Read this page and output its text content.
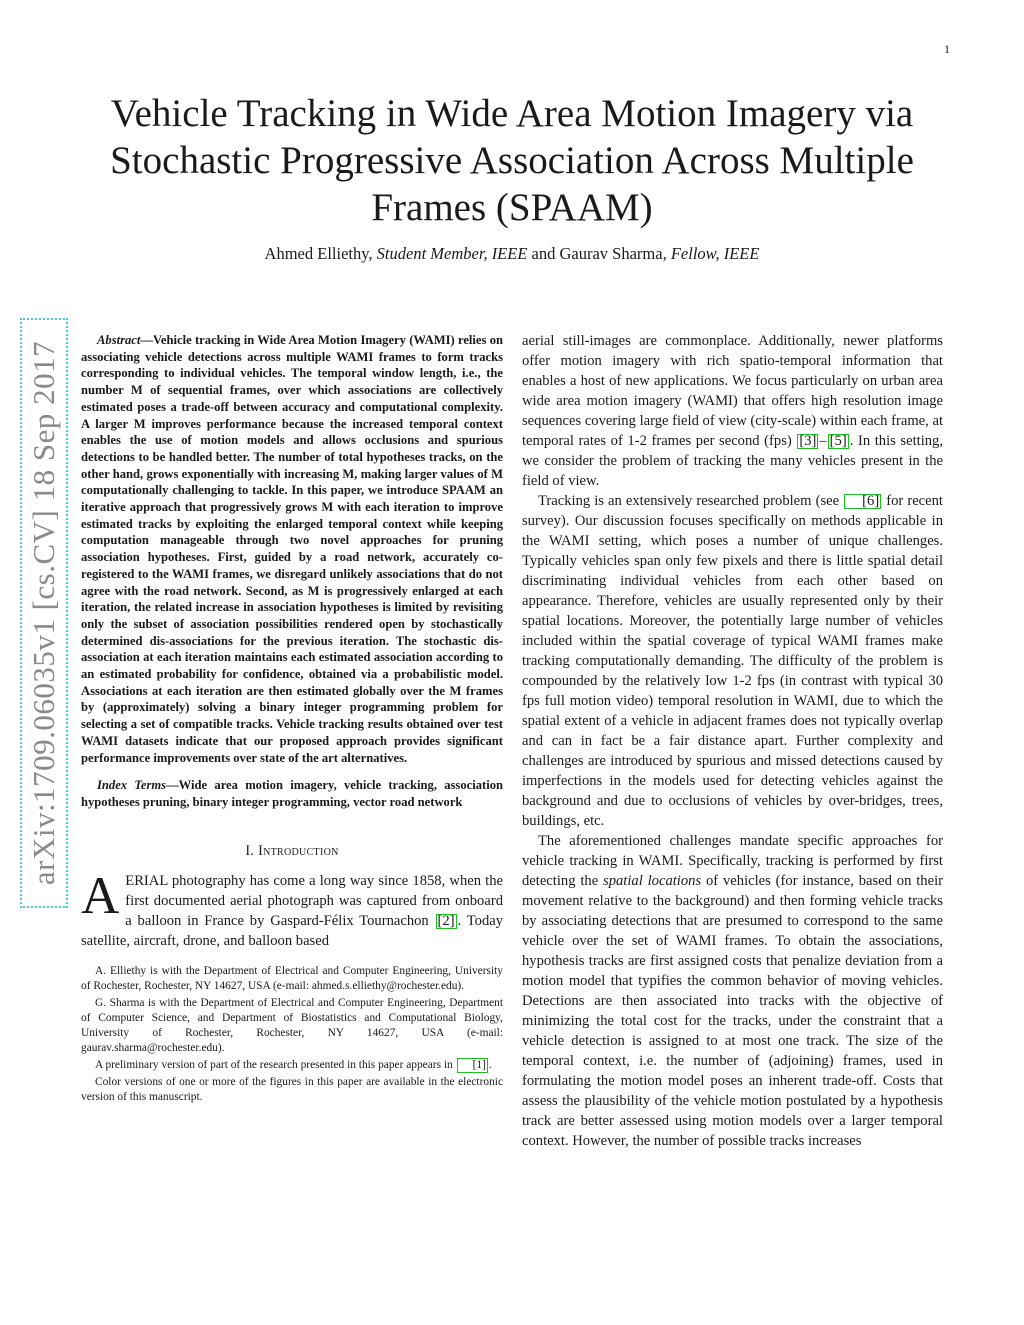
1
arXiv:1709.06035v1 [cs.CV] 18 Sep 2017
Vehicle Tracking in Wide Area Motion Imagery via Stochastic Progressive Association Across Multiple Frames (SPAAM)
Ahmed Elliethy, Student Member, IEEE and Gaurav Sharma, Fellow, IEEE

Abstract—Vehicle tracking in Wide Area Motion Imagery (WAMI) relies on associating vehicle detections across multiple WAMI frames to form tracks corresponding to individual vehicles. The temporal window length, i.e., the number M of sequential frames, over which associations are collectively estimated poses a trade-off between accuracy and computational complexity. A larger M improves performance because the increased temporal context enables the use of motion models and allows occlusions and spurious detections to be handled better. The number of total hypotheses tracks, on the other hand, grows exponentially with increasing M, making larger values of M computationally challenging to tackle. In this paper, we introduce SPAAM an iterative approach that progressively grows M with each iteration to improve estimated tracks by exploiting the enlarged temporal context while keeping computation manageable through two novel approaches for pruning association hypotheses. First, guided by a road network, accurately co-registered to the WAMI frames, we disregard unlikely associations that do not agree with the road network. Second, as M is progressively enlarged at each iteration, the related increase in association hypotheses is limited by revisiting only the subset of association possibilities rendered open by stochastically determined dis-associations for the previous iteration. The stochastic dis-association at each iteration maintains each estimated association according to an estimated probability for confidence, obtained via a probabilistic model. Associations at each iteration are then estimated globally over the M frames by (approximately) solving a binary integer programming problem for selecting a set of compatible tracks. Vehicle tracking results obtained over test WAMI datasets indicate that our proposed approach provides significant performance improvements over state of the art alternatives.

Index Terms—Wide area motion imagery, vehicle tracking, association hypotheses pruning, binary integer programming, vector road network

I. Introduction

AERIAL photography has come a long way since 1858, when the first documented aerial photograph was captured from onboard a balloon in France by Gaspard-Félix Tournachon [2] . Today satellite, aircraft, drone, and balloon based

A. Elliethy is with the Department of Electrical and Computer Engineering, University of Rochester, Rochester, NY 14627, USA (e-mail: ahmed.s.elliethy@rochester.edu).

G. Sharma is with the Department of Electrical and Computer Engineering, Department of Computer Science, and Department of Biostatistics and Computational Biology, University of Rochester, Rochester, NY 14627, USA (e-mail: gaurav.sharma@rochester.edu).

A preliminary version of part of the research presented in this paper appears in [1] .

Color versions of one or more of the figures in this paper are available in the electronic version of this manuscript.

aerial still-images are commonplace. Additionally, newer platforms offer motion imagery with rich spatio-temporal information that enables a host of new applications. We focus particularly on urban area wide area motion imagery (WAMI) that offers high resolution image sequences covering large field of view (city-scale) within each frame, at temporal rates of 1-2 frames per second (fps) [3] – [5] . In this setting, we consider the problem of tracking the many vehicles present in the field of view.

Tracking is an extensively researched problem (see [6] for recent survey). Our discussion focuses specifically on methods applicable in the WAMI setting, which poses a number of unique challenges. Typically vehicles span only few pixels and there is little spatial detail discriminating individual vehicles from each other based on appearance. Therefore, vehicles are usually represented only by their spatial locations. Moreover, the potentially large number of vehicles included within the spatial coverage of typical WAMI frames make tracking computationally demanding. The difficulty of the problem is compounded by the relatively low 1-2 fps (in contrast with typical 30 fps full motion video) temporal resolution in WAMI, due to which the spatial extent of a vehicle in adjacent frames does not typically overlap and can in fact be a fair distance apart. Further complexity and challenges are introduced by spurious and missed detections caused by imperfections in the models used for detecting vehicles against the background and due to occlusions of vehicles by over-bridges, trees, buildings, etc.

The aforementioned challenges mandate specific approaches for vehicle tracking in WAMI. Specifically, tracking is performed by first detecting the spatial locations of vehicles (for instance, based on their movement relative to the background) and then forming vehicle tracks by associating detections that are presumed to correspond to the same vehicle over the set of WAMI frames. To obtain the associations, hypothesis tracks are first assigned costs that penalize deviation from a motion model that typifies the common behavior of moving vehicles. Detections are then associated into tracks with the objective of minimizing the total cost for the tracks, under the constraint that a vehicle detection is assigned to at most one track. The size of the temporal context, i.e. the number of (adjoining) frames, used in formulating the motion model poses an inherent trade-off. Costs that assess the plausibility of the vehicle motion postulated by a hypothesis track are better assessed using motion models over a larger temporal context. However, the number of possible tracks increases
